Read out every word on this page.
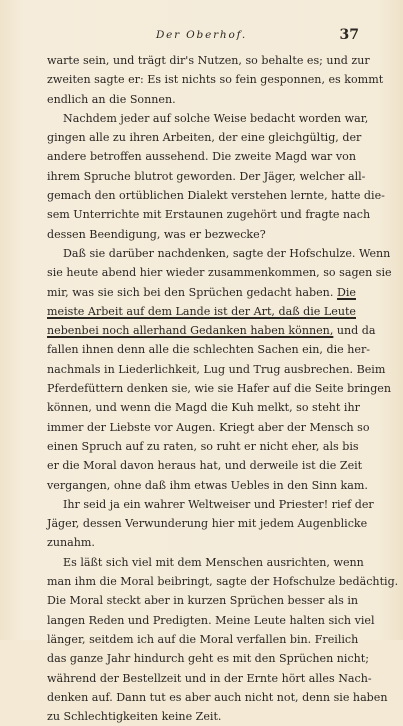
Der Oberhof.	37
warte sein, und trägt dir's Nutzen, so behalte es; und zur
zweiten sagte er: Es ist nichts so fein gesponnen, es kommt
endlich an die Sonnen.
Nachdem jeder auf solche Weise bedacht worden war,
gingen alle zu ihren Arbeiten, der eine gleichgültig, der
andere betroffen aussehend. Die zweite Magd war von
ihrem Spruche blutrot geworden. Der Jäger, welcher all-
gemach den ortüblichen Dialekt verstehen lernte, hatte die-
sem Unterrichte mit Erstaunen zugehört und fragte nach
dessen Beendigung, was er bezwecke?
Daß sie darüber nachdenken, sagte der Hofschulze. Wenn
sie heute abend hier wieder zusammenkommen, so sagen sie
mir, was sie sich bei den Sprüchen gedacht haben. Die
meiste Arbeit auf dem Lande ist der Art, daß die Leute
nebenbei noch allerhand Gedanken haben können, und da
fallen ihnen denn alle die schlechten Sachen ein, die her-
nachmals in Liederlichkeit, Lug und Trug ausbrechen. Beim
Pferdefüttern denken sie, wie sie Hafer auf die Seite bringen
können, und wenn die Magd die Kuh melkt, so steht ihr
immer der Liebste vor Augen. Kriegt aber der Mensch so
einen Spruch auf zu raten, so ruht er nicht eher, als bis
er die Moral davon heraus hat, und derweile ist die Zeit
vergangen, ohne daß ihm etwas Uebles in den Sinn kam.
Ihr seid ja ein wahrer Weltweiser und Priester! rief der
Jäger, dessen Verwunderung hier mit jedem Augenblicke
zunahm.
Es läßt sich viel mit dem Menschen ausrichten, wenn
man ihm die Moral beibringt, sagte der Hofschulze bedächtig.
Die Moral steckt aber in kurzen Sprüchen besser als in
langen Reden und Predigten. Meine Leute halten sich viel
länger, seitdem ich auf die Moral verfallen bin. Freilich
das ganze Jahr hindurch geht es mit den Sprüchen nicht;
während der Bestellzeit und in der Ernte hört alles Nach-
denken auf. Dann tut es aber auch nicht not, denn sie haben
zu Schlechtigkeiten keine Zeit.
